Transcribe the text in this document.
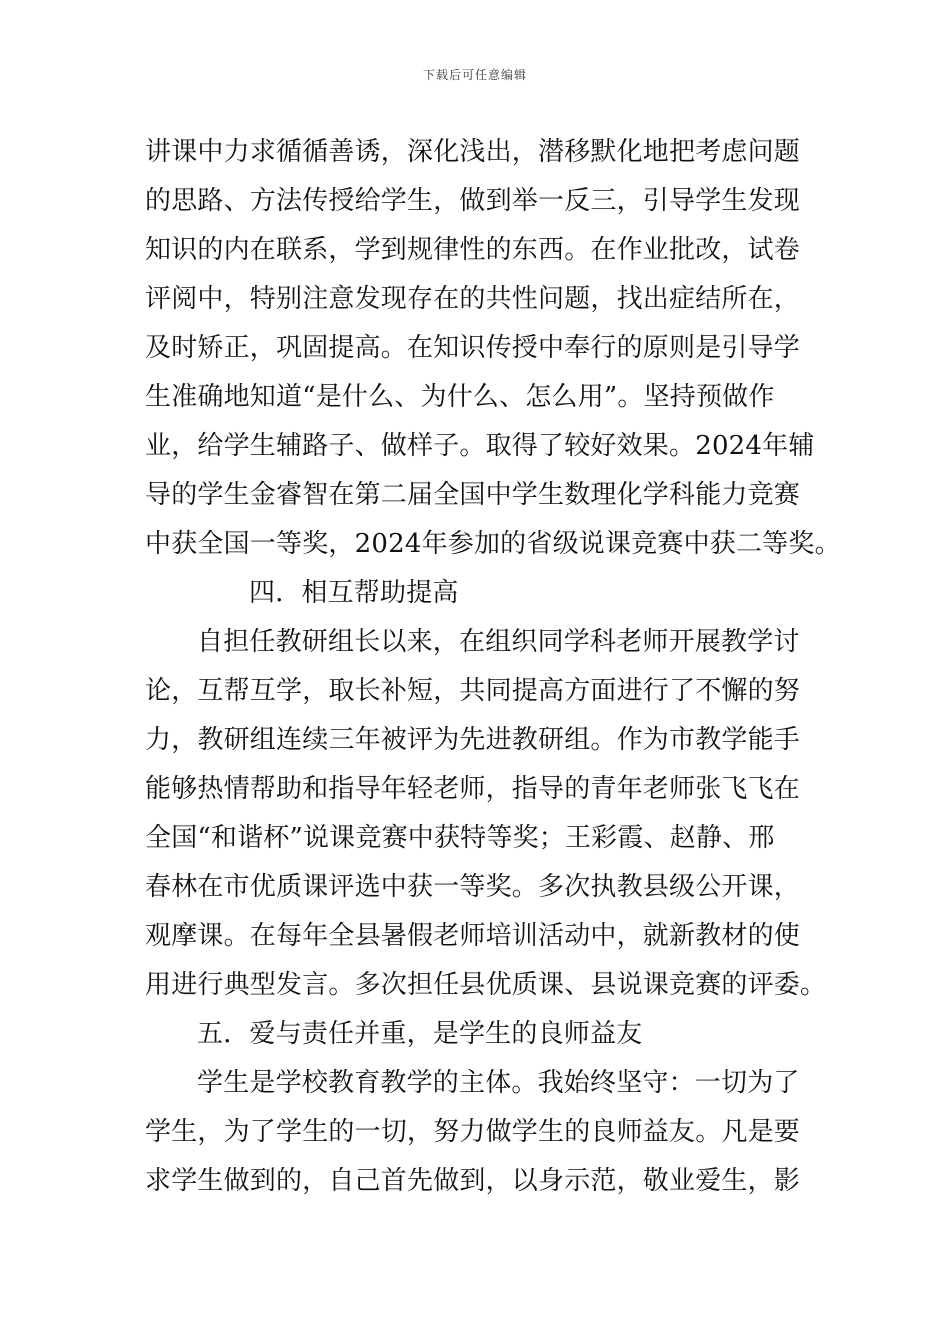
下载后可任意编辑
讲课中力求循循善诱，深化浅出，潜移默化地把考虑问题
的思路、方法传授给学生，做到举一反三，引导学生发现
知识的内在联系，学到规律性的东西。在作业批改，试卷
评阅中，特别注意发现存在的共性问题，找出症结所在，
及时矫正，巩固提高。在知识传授中奉行的原则是引导学
生准确地知道“是什么、为什么、怎么用”。坚持预做作
业，给学生辅路子、做样子。取得了较好效果。2024年辅
导的学生金睿智在第二届全国中学生数理化学科能力竞赛
中获全国一等奖，2024年参加的省级说课竞赛中获二等奖。
四．相互帮助提高
自担任教研组长以来，在组织同学科老师开展教学讨
论，互帮互学，取长补短，共同提高方面进行了不懈的努
力，教研组连续三年被评为先进教研组。作为市教学能手
能够热情帮助和指导年轻老师，指导的青年老师张飞飞在
全国“和谐杯”说课竞赛中获特等奖；王彩霞、赵静、邢
春林在市优质课评选中获一等奖。多次执教县级公开课，
观摩课。在每年全县暑假老师培训活动中，就新教材的使
用进行典型发言。多次担任县优质课、县说课竞赛的评委。
五．爱与责任并重，是学生的良师益友
学生是学校教育教学的主体。我始终坚守：一切为了
学生，为了学生的一切，努力做学生的良师益友。凡是要
求学生做到的，自己首先做到，以身示范，敬业爱生，影
